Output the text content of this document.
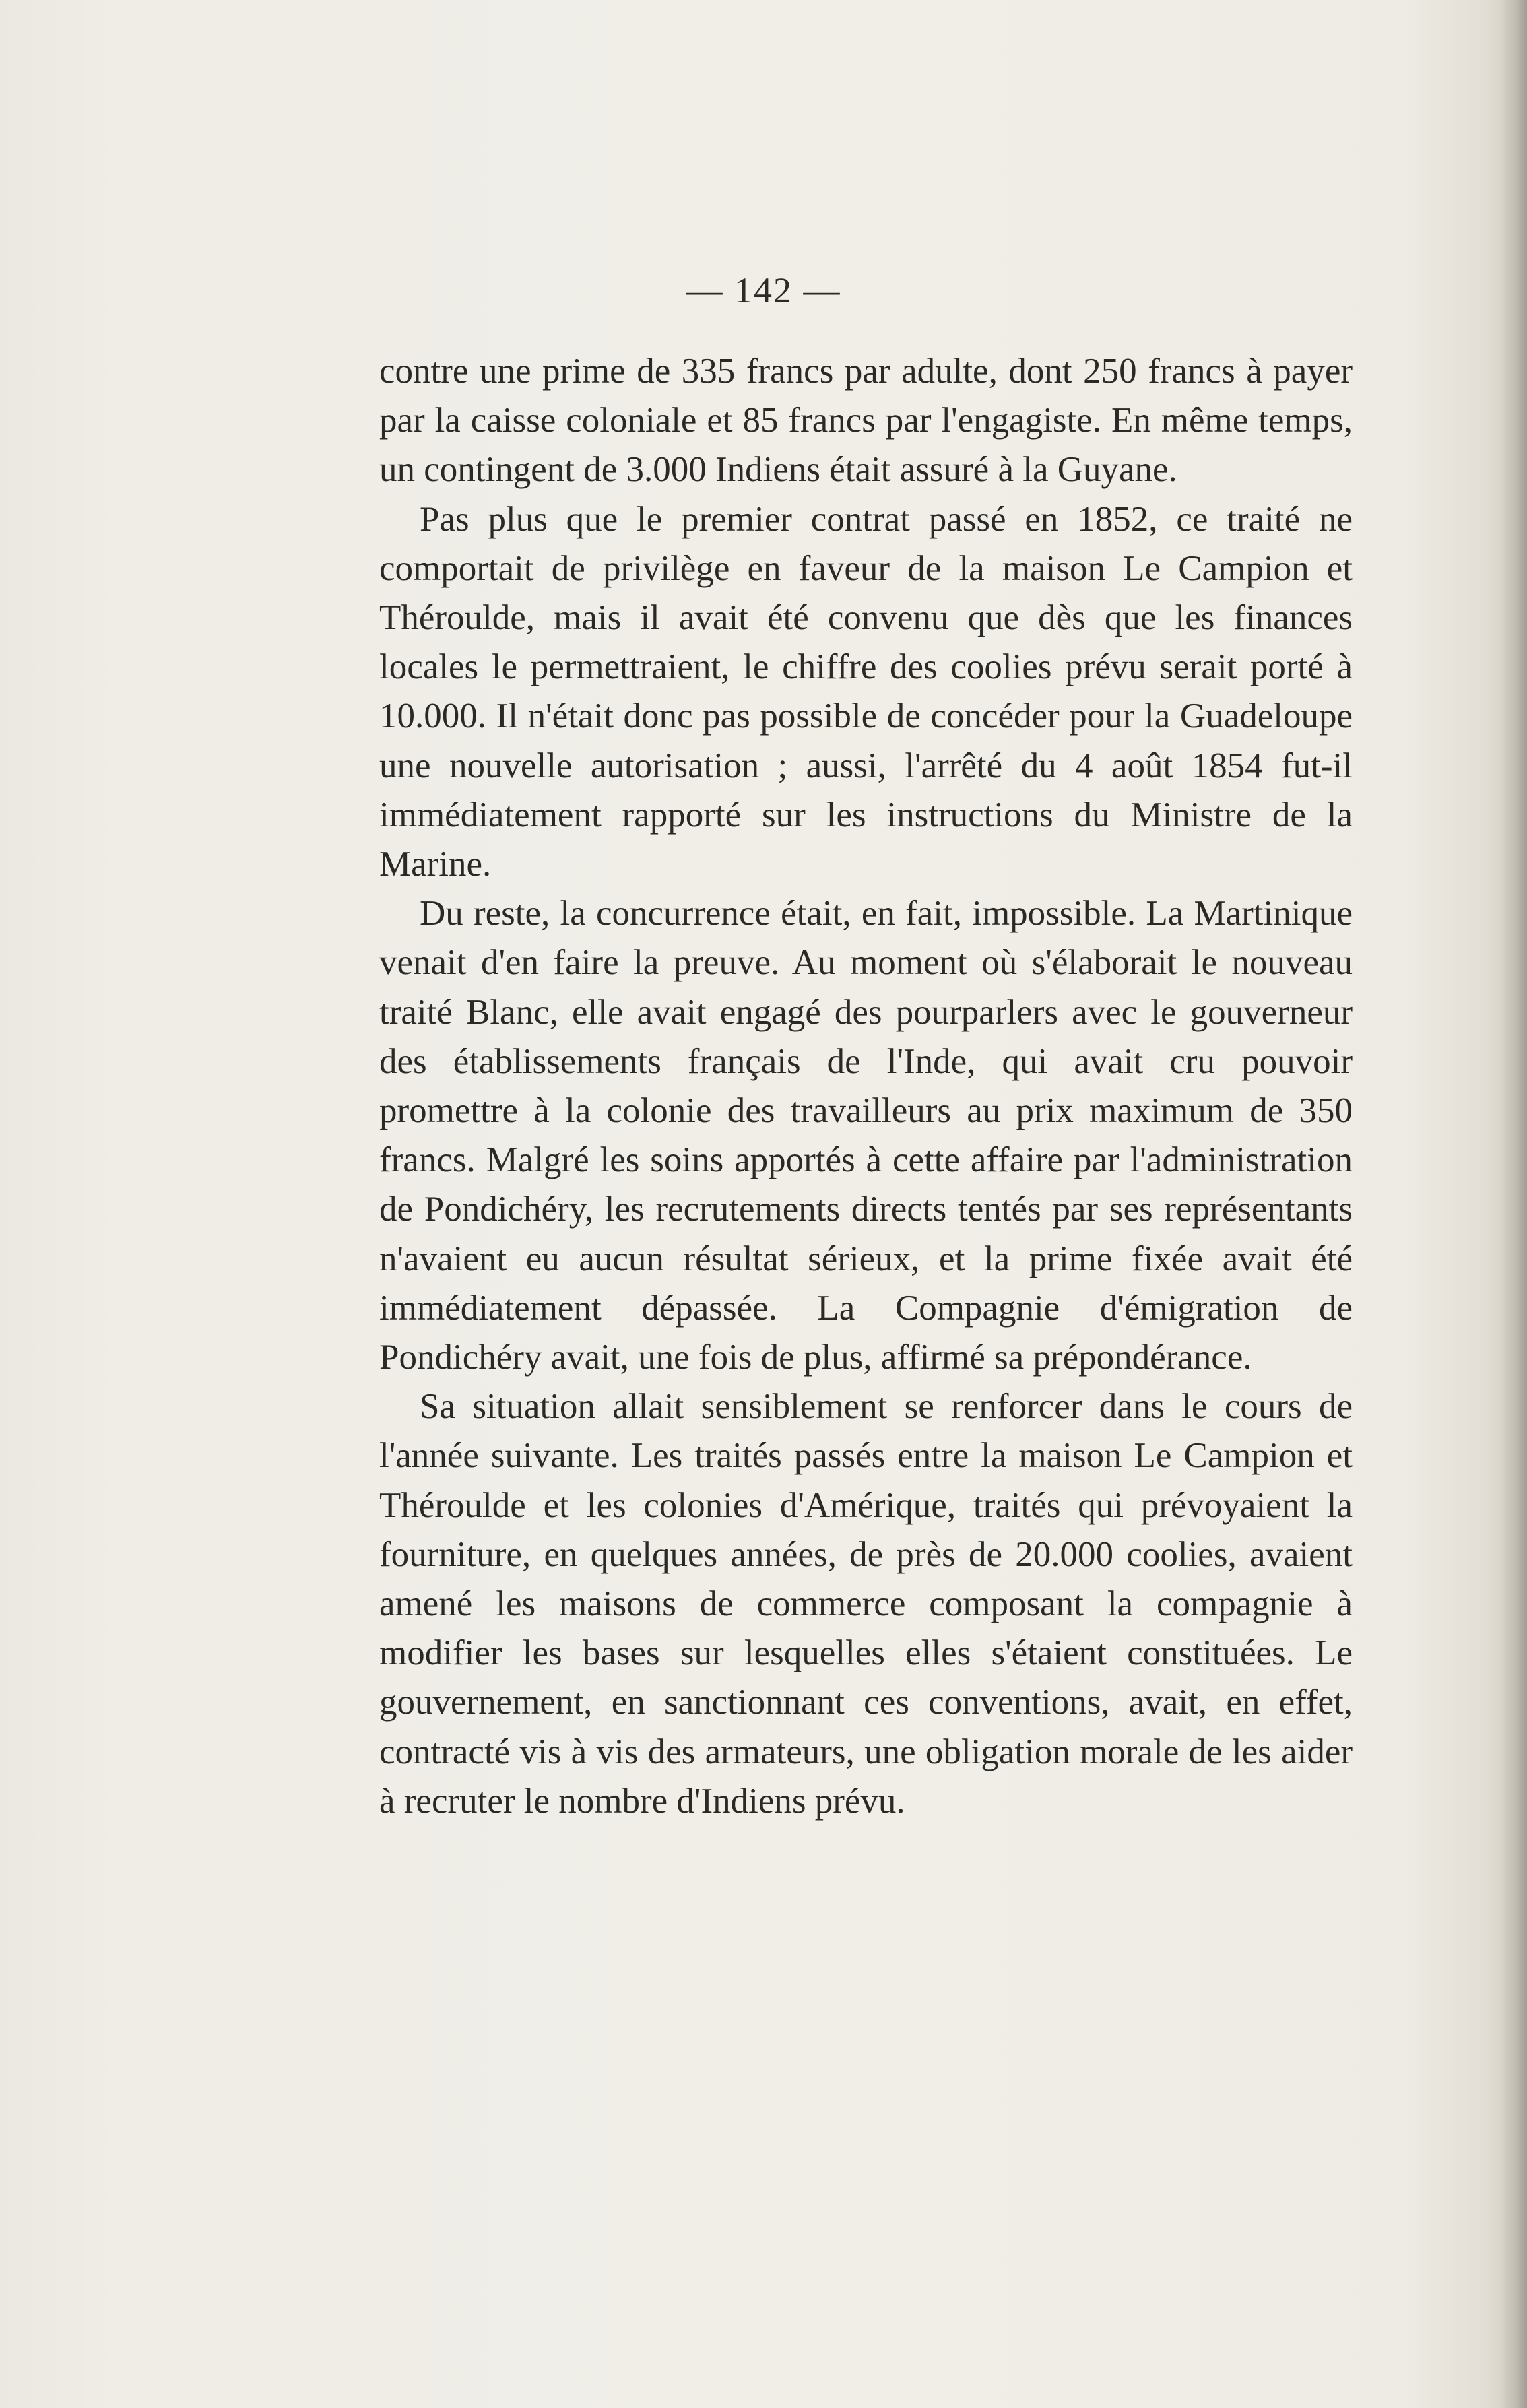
— 142 —

contre une prime de 335 francs par adulte, dont 250 francs à payer par la caisse coloniale et 85 francs par l'engagiste. En même temps, un contingent de 3.000 Indiens était assuré à la Guyane.

Pas plus que le premier contrat passé en 1852, ce traité ne comportait de privilège en faveur de la maison Le Campion et Théroulde, mais il avait été convenu que dès que les finances locales le permettraient, le chiffre des coolies prévu serait porté à 10.000. Il n'était donc pas possible de concéder pour la Guadeloupe une nouvelle autorisation ; aussi, l'arrêté du 4 août 1854 fut-il immédiatement rapporté sur les instructions du Ministre de la Marine.

Du reste, la concurrence était, en fait, impossible. La Martinique venait d'en faire la preuve. Au moment où s'élaborait le nouveau traité Blanc, elle avait engagé des pourparlers avec le gouverneur des établissements français de l'Inde, qui avait cru pouvoir promettre à la colonie des travailleurs au prix maximum de 350 francs. Malgré les soins apportés à cette affaire par l'administration de Pondichéry, les recrutements directs tentés par ses représentants n'avaient eu aucun résultat sérieux, et la prime fixée avait été immédiatement dépassée. La Compagnie d'émigration de Pondichéry avait, une fois de plus, affirmé sa prépondérance.

Sa situation allait sensiblement se renforcer dans le cours de l'année suivante. Les traités passés entre la maison Le Campion et Théroulde et les colonies d'Amérique, traités qui prévoyaient la fourniture, en quelques années, de près de 20.000 coolies, avaient amené les maisons de commerce composant la compagnie à modifier les bases sur lesquelles elles s'étaient constituées. Le gouvernement, en sanctionnant ces conventions, avait, en effet, contracté vis à vis des armateurs, une obligation morale de les aider à recruter le nombre d'Indiens prévu.
